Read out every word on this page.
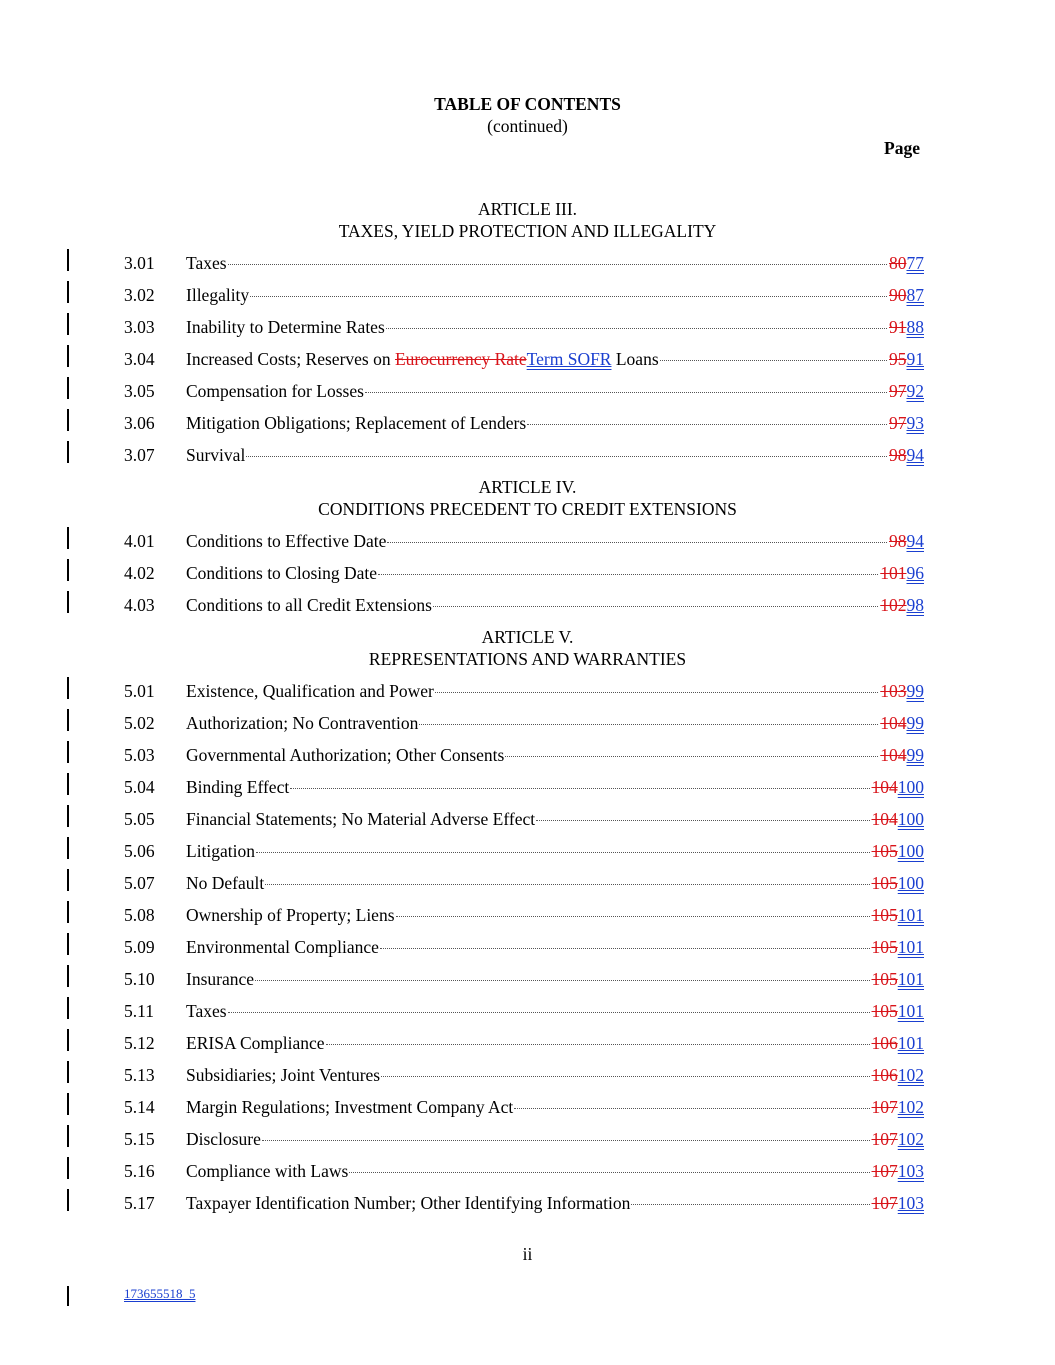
TABLE OF CONTENTS
(continued)
Page
ARTICLE III.
TAXES, YIELD PROTECTION AND ILLEGALITY
3.01 Taxes	8077
3.02 Illegality	9087
3.03 Inability to Determine Rates	9188
3.04 Increased Costs; Reserves on Eurocurrency RateTerm SOFR Loans	9591
3.05 Compensation for Losses	9792
3.06 Mitigation Obligations; Replacement of Lenders	9793
3.07 Survival	9894
ARTICLE IV.
CONDITIONS PRECEDENT TO CREDIT EXTENSIONS
4.01 Conditions to Effective Date	9894
4.02 Conditions to Closing Date	10196
4.03 Conditions to all Credit Extensions	10298
ARTICLE V.
REPRESENTATIONS AND WARRANTIES
5.01 Existence, Qualification and Power	10399
5.02 Authorization; No Contravention	10499
5.03 Governmental Authorization; Other Consents	10499
5.04 Binding Effect	104100
5.05 Financial Statements; No Material Adverse Effect	104100
5.06 Litigation	105100
5.07 No Default	105100
5.08 Ownership of Property; Liens	105101
5.09 Environmental Compliance	105101
5.10 Insurance	105101
5.11 Taxes	105101
5.12 ERISA Compliance	106101
5.13 Subsidiaries; Joint Ventures	106102
5.14 Margin Regulations; Investment Company Act	107102
5.15 Disclosure	107102
5.16 Compliance with Laws	107103
5.17 Taxpayer Identification Number; Other Identifying Information	107103
ii
173655518_5
